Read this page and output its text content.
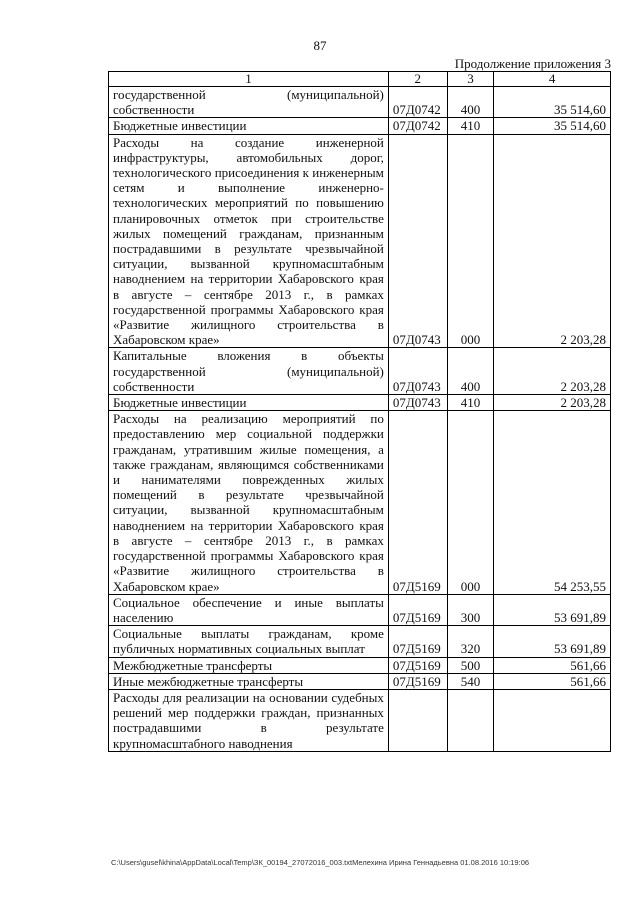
87
Продолжение приложения 3
1	2	3	4
государственной (муниципальной) собственности	07Д0742	400	35 514,60
Бюджетные инвестиции	07Д0742	410	35 514,60
Расходы на создание инженерной инфраструктуры, автомобильных дорог, технологического присоединения к инженерным сетям и выполнение инженерно-технологических мероприятий по повышению планировочных отметок при строительстве жилых помещений гражданам, признанным пострадавшими в результате чрезвычайной ситуации, вызванной крупномасштабным наводнением на территории Хабаровского края в августе – сентябре 2013 г., в рамках государственной программы Хабаровского края «Развитие жилищного строительства в Хабаровском крае»	07Д0743	000	2 203,28
Капитальные вложения в объекты государственной (муниципальной) собственности	07Д0743	400	2 203,28
Бюджетные инвестиции	07Д0743	410	2 203,28
Расходы на реализацию мероприятий по предоставлению мер социальной поддержки гражданам, утратившим жилые помещения, а также гражданам, являющимся собственниками и нанимателями поврежденных жилых помещений в результате чрезвычайной ситуации, вызванной крупномасштабным наводнением на территории Хабаровского края в августе – сентябре 2013 г., в рамках государственной программы Хабаровского края «Развитие жилищного строительства в Хабаровском крае»	07Д5169	000	54 253,55
Социальное обеспечение и иные выплаты населению	07Д5169	300	53 691,89
Социальные выплаты гражданам, кроме публичных нормативных социальных выплат	07Д5169	320	53 691,89
Межбюджетные трансферты	07Д5169	500	561,66
Иные межбюджетные трансферты	07Д5169	540	561,66
Расходы для реализации на основании судебных решений мер поддержки граждан, признанных пострадавшими в результате крупномасштабного наводнения			
C:\Users\gusel\khina\AppData\Local\Temp\ЗК_00194_27072016_003.txtМелехина Ирина Геннадьевна 01.08.2016 10:19:06
